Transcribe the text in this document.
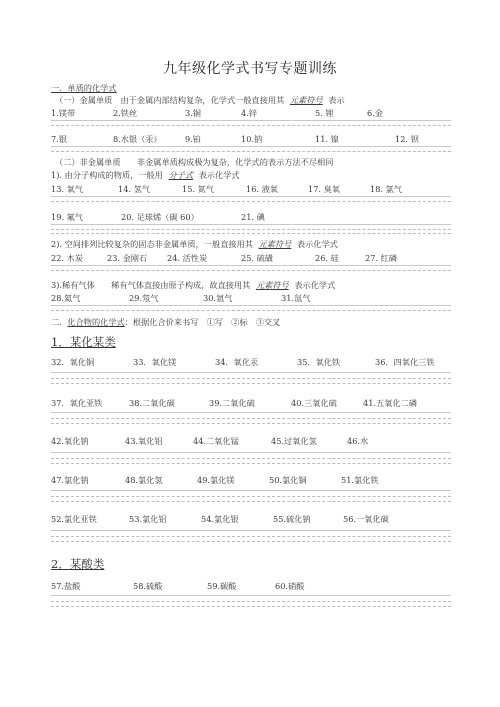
九年级化学式书写专题训练
一．单质的化学式
（一）金属单质　由于金属内部结构复杂，化学式一般直接用其 元素符号 表示
1.镁带	2.铁丝	3.铜	4.锌	5. 锂	6.金
7.银	8.水银（汞）	9.铂	10.钠	11. 镍	12. 钡
（二）非金属单质　　非金属单质构成极为复杂，化学式的表示方法不尽相同
1). 由分子构成的物质，一般用 分子式 表示化学式
13. 氧气	14. 氢气	15. 氮气	16. 液氧	17. 臭氧	18. 氯气
19. 氟气	20. 足球烯（碳 60）	21. 碘
2). 空间排列比较复杂的固态非金属单质，一般直接用其 元素符号 表示化学式
22. 木炭	23. 金刚石	24. 活性炭	25. 硫磺	26. 硅	27. 红磷
3).稀有气体　　稀有气体直接由原子构成，故直接用其 元素符号 表示化学式
28.氦气	29.氖气	30.氩气	31.氙气
二．化合物的化学式：根据化合价来书写　①写　②标　③交叉
1．某化某类
32．氧化铜	33．氧化镁	34．氧化汞	35．氧化铁	36．四氧化三铁
37．氧化亚铁	38.二氧化碳	39.二氧化硫	40.三氧化硫	41.五氧化二磷
42.氧化钠	43.氧化铝	44.二氧化锰	45.过氧化氢	46.水
47.氯化钠	48.氯化氢	49.氯化镁	50.氯化铜	51.氯化铁
52.氯化亚铁	53.氯化铝	54.氯化银	55.硫化钠	56.一氧化碳
2．某酸类
57.盐酸	58.硫酸	59.碳酸	60.硝酸
